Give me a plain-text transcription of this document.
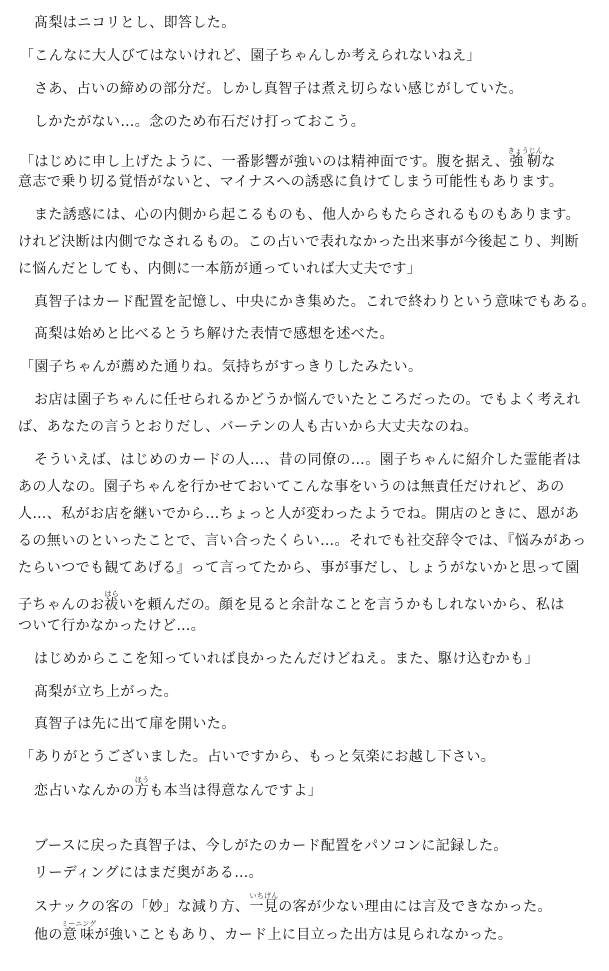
髙梨はニコリとし、即答した。
「こんなに大人びてはないけれど、園子ちゃんしか考えられないねえ」
さあ、占いの締めの部分だ。しかし真智子は煮え切らない感じがしていた。
しかたがない…。念のため布石だけ打っておこう。
「はじめに申し上げたように、一番影響が強いのは精神面です。腹を据え、強靭きょうじんな
意志で乗り切る覚悟がないと、マイナスへの誘惑に負けてしまう可能性もあります。
また誘惑には、心の内側から起こるものも、他人からもたらされるものもあります。
けれど決断は内側でなされるもの。この占いで表れなかった出来事が今後起こり、判断
に悩んだとしても、内側に一本筋が通っていれば大丈夫です」
真智子はカード配置を記憶し、中央にかき集めた。これで終わりという意味でもある。
髙梨は始めと比べるとうち解けた表情で感想を述べた。
「園子ちゃんが薦めた通りね。気持ちがすっきりしたみたい。
お店は園子ちゃんに任せられるかどうか悩んでいたところだったの。でもよく考えれ
ば、あなたの言うとおりだし、バーテンの人も古いから大丈夫なのね。
そういえば、はじめのカードの人…、昔の同僚の…。園子ちゃんに紹介した霊能者は
あの人なの。園子ちゃんを行かせておいてこんな事をいうのは無責任だけれど、あの
人…、私がお店を継いでから…ちょっと人が変わったようでね。開店のときに、恩があ
るの無いのといったことで、言い合ったくらい…。それでも社交辞令では、『悩みがあっ
たらいつでも観てあげる』って言ってたから、事が事だし、しょうがないかと思って園
子ちゃんのお祓はらいを頼んだの。顔を見ると余計なことを言うかもしれないから、私は
ついて行かなかったけど…。
はじめからここを知っていれば良かったんだけどねえ。また、駆け込むかも」
髙梨が立ち上がった。
真智子は先に出て扉を開いた。
「ありがとうございました。占いですから、もっと気楽にお越し下さい。
恋占いなんかの方ほうも本当は得意なんですよ」
ブースに戻った真智子は、今しがたのカード配置をパソコンに記録した。
リーディングにはまだ奥がある…。
スナックの客の「妙」な減り方、一見いちげんの客が少ない理由には言及できなかった。
他の意味ミーニングが強いこともあり、カード上に目立った出方は見られなかった。
